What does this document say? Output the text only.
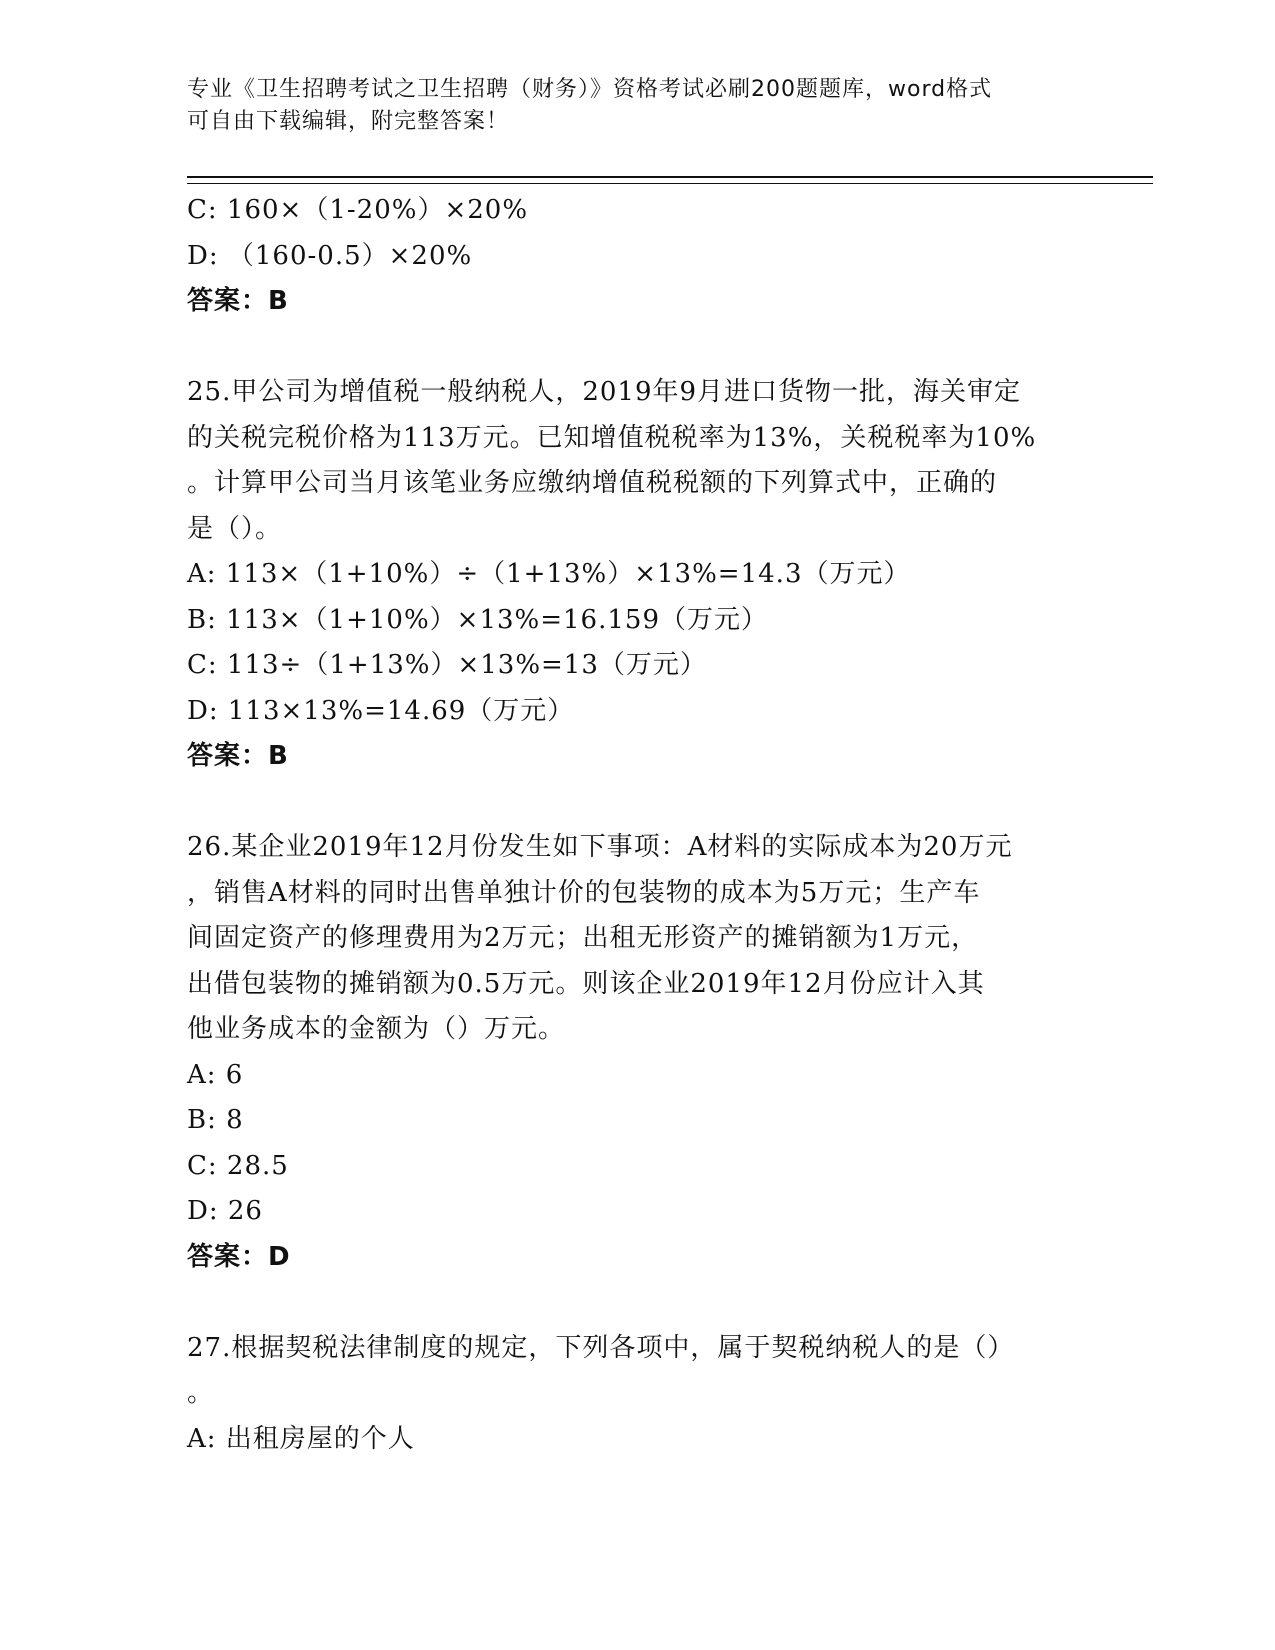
专业《卫生招聘考试之卫生招聘（财务）》资格考试必刷200题题库，word格式
可自由下载编辑，附完整答案！
C: 160×（1-20%）×20%
D: （160-0.5）×20%
答案：B
25.甲公司为增值税一般纳税人，2019年9月进口货物一批，海关审定
的关税完税价格为113万元。已知增值税税率为13%，关税税率为10%
。计算甲公司当月该笔业务应缴纳增值税税额的下列算式中，正确的
是（）。
A: 113×（1+10%）÷（1+13%）×13%=14.3（万元）
B: 113×（1+10%）×13%=16.159（万元）
C: 113÷（1+13%）×13%=13（万元）
D: 113×13%=14.69（万元）
答案：B
26.某企业2019年12月份发生如下事项：A材料的实际成本为20万元
，销售A材料的同时出售单独计价的包装物的成本为5万元；生产车
间固定资产的修理费用为2万元；出租无形资产的摊销额为1万元，
出借包装物的摊销额为0.5万元。则该企业2019年12月份应计入其
他业务成本的金额为（）万元。
A: 6
B: 8
C: 28.5
D: 26
答案：D
27.根据契税法律制度的规定，下列各项中，属于契税纳税人的是（）
。
A: 出租房屋的个人
